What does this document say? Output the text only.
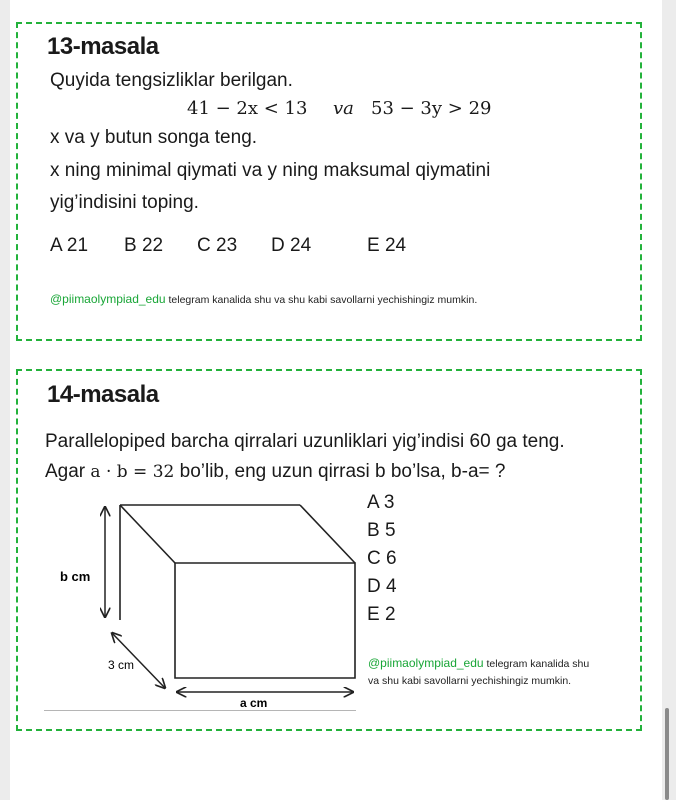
13-masala
Quyida tengsizliklar berilgan.
41 − 2x < 13 va 53 − 3y > 29
x va y butun songa teng.
x ning minimal qiymati va y ning maksumal qiymatini
yig’indisini toping.
A 21 B 22 C 23 D 24	E 24
@piimaolympiad_edu telegram kanalida shu va shu kabi savollarni yechishingiz mumkin.
14-masala
Parallelopiped barcha qirralari uzunliklari yig’indisi 60 ga teng.
Agar a · b = 32 bo’lib, eng uzun qirrasi b bo’lsa, b-a= ?
A 3
B 5
C 6
D 4
E 2
@piimaolympiad_edu telegram kanalida shu
va shu kabi savollarni yechishingiz mumkin.
b cm
3 cm
a cm
